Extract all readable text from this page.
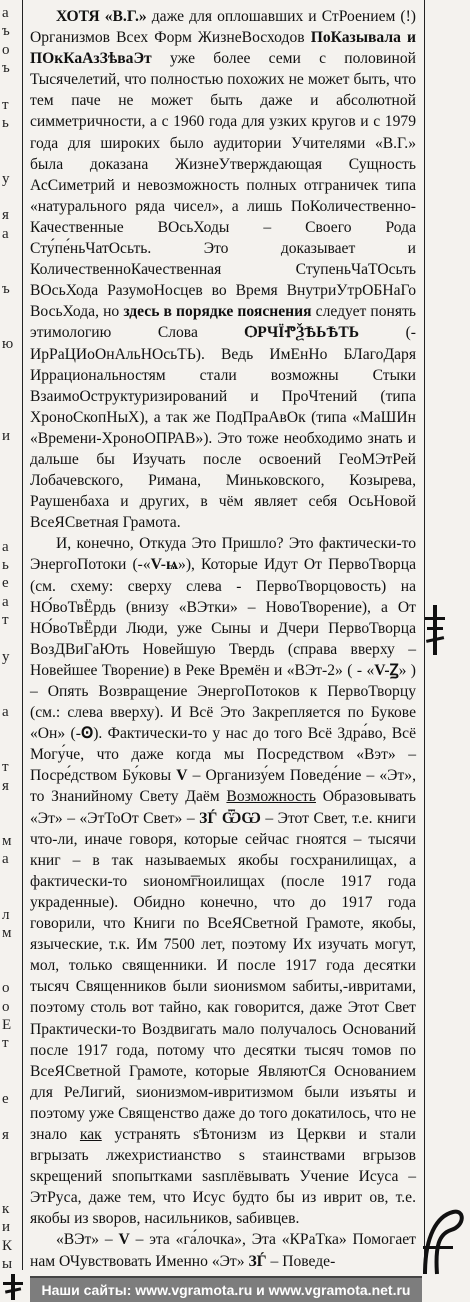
а
ъ
о
ъ
т
ь
у
я
а
ъ
ю
и
а
ь
е
а
т
у
а
т
я
м
а
л
м
о
о
Е
т
е
я
к
и
К
ы

ХОТЯ «В.Г.» даже для оплошавших и СтРоением (!) Организмов Всех Форм ЖизнеВосходов ПоКазывала и ПОкКаАзЗѣваЭт уже более семи с половиной Тысячелетий, что полностью похожих не может быть, что тем паче не может быть даже и абсолютной симметричности, а с 1960 года для узких кругов и с 1979 года для широких было аудитории Учителями «В.Г.» была доказана ЖизнеУтверждающая Сущность АсСиметрий и невозможность полных отграничек типа «натурального ряда чисел», а лишь ПоКоличественно-Качественные ВОсьХоды – Своего Рода Сту́пе́ньЧатОсьть. Это доказывает и КоличественноКачественная СтупеньЧаТОсьть ВОсьХода РазумоНосцев во Время ВнутриУтрОБНаГо ВосьХода, но здесь в порядке пояснения следует понять этимологию Слова ѺРЧЇⰒѮѢЬѢТЬ (-ИрРаЦИоОнАльНОсьТЬ). Ведь ИмЕнНо БЛагоДаря Иррациональностям стали возможны Стыки ВзаимоОструктуризирований и ПроЧтений (типа ХроноСкопНыХ), а так же ПодПраАвОк (типа «МаШИн «Времени-ХроноОПРАВ»). Это тоже необходимо знать и дальше бы Изучать после освоений ГеоМЭтРей Лобачевского, Римана, Миньковского, Козырева, Раушенбаха и других, в чём являет себя ОсьНовой ВсеЯСветная Грамота.

И, конечно, Откуда Это Пришло? Это фактически-то ЭнергоПотоки (-«V-ѩ»), Которые Идут От ПервоТворца (см. схему: сверху слева - ПервоТворцовость) на НО́воТвЁрдь (внизу «ВЭтки» – НовоТворение), а От НО́воТвЁрди Люди, уже Сыны и Дчери ПервоТворца ВозДВиГаЮть Новейшую Твердь (справа вверху – Новейшее Творение) в Реке Времён и «ВЭт-2» ( - «V-Ꙁ» ) – Опять Возвращение ЭнергоПотоков к ПервоТворцу (см.: слева вверху). И Всё Это Закрепляется по Букове «Он» (-Ꙩ). Фактически-то у нас до того Всё Здра́во, Всё Могу́че, что даже когда мы Посредством «Вэт» – Посре́дством Бу́ковы V – Организу́ем Поведе́ние – «Эт», то Знанийному Свету Даём Возможность Образовывать «Эт» – «ЭтТоОт Свет» – ЗЃ ѾѠ – Этот Свет, т.е. книги что-ли, иначе говоря, которые сейчас гноятся – тысячи книг – в так называемых якобы госхранилищах, а фактически-то sионом͞гноилищах (после 1917 года украденные). Обидно конечно, что до 1917 года говорили, что Книги по ВсеЯСветной Грамоте, якобы, языческие, т.к. Им 7500 лет, поэтому Их изучать могут, мол, только священники. И после 1917 года десятки тысяч Священников были sиониsмом sабиты,-ивритами, поэтому столь вот тайно, как говорится, даже Этот Свет Практически-то Воздвигать мало получалось Оснований после 1917 года, потому что десятки тысяч томов по ВсеЯСветной Грамоте, которые ЯвляютСя Основанием для РеЛигий, sионизмом-ивритизмом были изъяты и поэтому уже Священство даже до того докатилось, что не знало как устранять sѢтонизм из Церкви и sтали вгрызать лжехристианство s sтаинствами вгрызов sкрещений sпопытками sаsплёвывать Учение Исуса – ЭтРуса, даже тем, что Исус будто бы из иврит ов, т.е. якобы из sворов, насильников, sабивцев.

«ВЭт» – V – эта «га́лочка», Эта «КРаТка» Помогает нам ОЧувствовать Именно «Эт» ЗЃ – Поведе-

Наши сайты: www.vgramota.ru и www.vgramota.net.ru
